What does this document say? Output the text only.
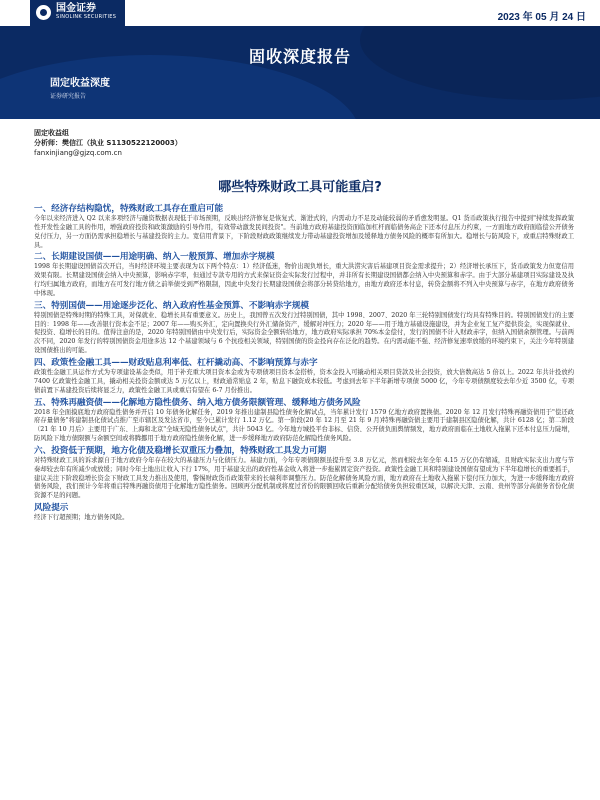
国金证券
SINOLINK SECURITIES	2023 年 05 月 24 日
固收深度报告
固定收益深度
证券研究报告
固定收益组
分析师：樊信江（执业 S1130522120003）
fanxinjiang@gjzq.com.cn
哪些特殊财政工具可能重启?
一、经济存结构隐忧，特殊财政工具存在重启可能

今年以来经济进入 Q2 以来多项经济与融资数据表现低于市场预期，反映出经济修复是恢复式、渐进式的，内需动力不足及动能较弱的矛盾愈发明显。Q1 货币政策执行报告中提到"持续发挥政策性开发性金融工具的作用，增强政府投资和政策激励的引导作用，有效带动激发民间投资"。当前地方政府基建投资面临加杠杆面临债务高企下还本付息压力约束，一方面地方政府面临偿公开债务兑付压力，另一方面仍需承担稳增长与基建投资的主力。宽信用背景下，下阶段财政政策继续发力带动基建投资增加及缓释地方债务风险的概率有所加大。稳增长与防风险下，或重启特殊财政工具。

二、长期建设国债——用途明确、纳入一般预算、增加赤字规模

1998 年长期建设国债首次开启，当时经济环境主要表现为以下两个特点：1）经济低迷，物价出现负增长，重大洪涝灾害后基建项目资金需求提升；2）经济增长承压下，货币政策发力但宽信用效果有限。长期建设国债会纳入中央预算，影响赤字率，但通过专款专用的方式来保证资金实际发行过程中，并非所有长期建设国债都会纳入中央预算和赤字。由于大部分基建项目实际建设及执行均归属地方政府，而地方在可发行地方债之前举债受到严格限制，因此中央发行长期建设国债会将部分转贷给地方，由地方政府还本付息，转贷金额将不列入中央预算与赤字，在地方政府债务中体现。

三、特别国债——用途逐步泛化、纳入政府性基金预算、不影响赤字规模

特别国债是特殊时期的特殊工具，对保就业、稳增长具有重要意义。历史上，我国曾五次发行过特别国债，其中 1998、2007、2020 年三轮特别国债发行均具有特殊目的。特别国债发行的主要目的：1998 年——改善银行资本金不足；2007 年——购买外汇，定向置换央行外汇储备资产，缓解对冲压力；2020 年——用于地方基础设施建设，并为企业复工复产提供资金，实现保就业、促投资、稳增长的目的。值得注意的是，2020 年特别国债由中央发行后，实际资金全额转给地方，地方政府实际承担 70%本金偿付，发行的国债不计入财政赤字，但纳入国债余额管理。与前两次不同，2020 年发行的特别国债资金用途多达 12 个基建领域与 6 个抗疫相关领域，特别国债的资金投向存在泛化的趋势。在内需动能不强、经济修复速率放缓的环境约束下，关注今年特别建设国债推出的可能。

四、政策性金融工具——财政贴息利率低、杠杆撬动高、不影响预算与赤字

政策性金融工具运作方式为专项建设基金类似，用于补充重大项目资本金或为专项债项目资本金搭桥，资本金投入可撬动相关项目贷款及社会投资，放大倍数高达 5 倍以上。2022 年共计投放约 7400 亿政策性金融工具，撬动相关投资金额或达 5 万亿以上，财政通常贴息 2 年，贴息下融资成本较低。考虑到去年下半年新增专项债 5000 亿，今年专项债额度较去年少近 3500 亿，专项债前置下基建投资后续将显乏力，政策性金融工具或重启有望在 6-7 月份推出。

五、特殊再融资债——化解地方隐性债务、纳入地方债务限额管理、缓释地方债务风险

2018 年全面摸底地方政府隐性债务并开启 10 年债务化解任务，2019 年推出建制县隐性债务化解试点，当年累计发行 1579 亿地方政府置换债。2020 年 12 月发行特殊再融资债用于"偿还政府存量债务"将建制县化债试点推广至市辖区及发达省市，至今已累计发行 1.12 万亿。第一阶段(20 年 12 月至 21 年 9 月)特殊再融资债主要用于建制县区隐债化解，共计 6128 亿；第二阶段（21 年 10 月后）主要用于广东、上海和北京"全域无隐性债务试点"，共计 5043 亿。今年地方城投平台非标、信贷、公开债负面舆情频发，地方政府面临在土地收入拖累下还本付息压力陡增，防风险下地方债限额与余额空间或将腾挪用于地方政府隐性债务化解，进一步缓释地方政府防范化解隐性债务风险。

六、投资低于预期，地方化债及稳增长双重压力叠加，特殊财政工具发力可期

对特殊财政工具的诉求源自于地方政府今年存在较大的基建压力与化债压力。基建方面，今年专项债限额虽提升至 3.8 万亿元，然而相较去年全年 4.15 万亿仍有缩减，且财政实际支出力度与节奏却较去年有所减少或放缓；同时今年土地出让收入下行 17%，用于基建支出的政府性基金收入将进一步拖累固定资产投资。政策性金融工具和特别建设国债有望成为下半年稳增长的重要抓手，建议关注下阶段稳增长资金下财政工具发力推出及使用，警惕财政货币政策带来的长端利率调整压力。防范化解债务风险方面，地方政府在土地收入拖累下偿付压力加大，为进一步缓释地方政府债务风险，我们预计今年将重启特殊再融资债用于化解地方隐性债务。回顾再分配机制或将度过省份的限额回收后重新分配给债务负担较重区域，以解决天津、云南、贵州等部分高债务省份化债资源不足的问题。

风险提示

经济下行超预期；地方债务风险。
